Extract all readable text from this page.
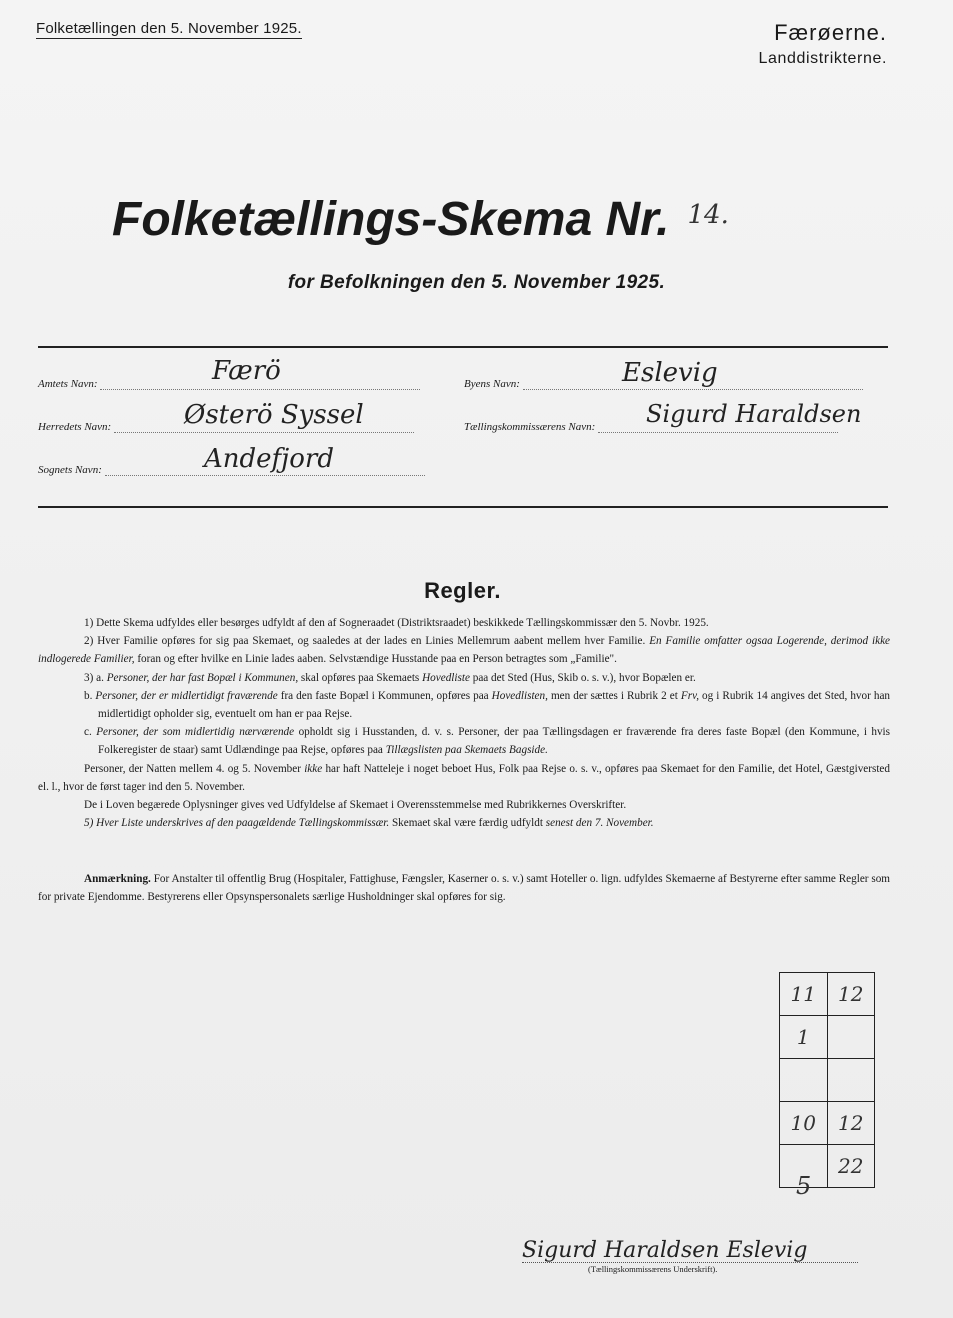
Folketællingen den 5. November 1925.	Færøerne.
Landdistrikterne.
Folketællings-Skema Nr. $^{14.}$
for Befolkningen den 5. November 1925.
Amtets Navn:	Færö
Herredets Navn:	Østerö Syssel
Sognets Navn:	Andefjord
Byens Navn:	Eslevig
Tællingskommissærens Navn:	Sigurd Haraldsen
Regler.

1) Dette Skema udfyldes eller besørges udfyldt af den af Sogneraadet (Distriktsraadet) beskikkede Tællingskommissær den 5. Novbr. 1925.

2) Hver Familie opføres for sig paa Skemaet, og saaledes at der lades en Linies Mellemrum aabent mellem hver Familie. En Familie omfatter ogsaa Logerende, derimod ikke indlogerede Familier, foran og efter hvilke en Linie lades aaben. Selvstændige Husstande paa en Person betragtes som „Familie".

3) a. Personer, der har fast Bopæl i Kommunen, skal opføres paa Skemaets Hovedliste paa det Sted (Hus, Skib o. s. v.), hvor Bopælen er.

b. Personer, der er midlertidigt fraværende fra den faste Bopæl i Kommunen, opføres paa Hovedlisten, men der sættes i Rubrik 2 et Frv, og i Rubrik 14 angives det Sted, hvor han midlertidigt opholder sig, eventuelt om han er paa Rejse.

c. Personer, der som midlertidig nærværende opholdt sig i Husstanden, d. v. s. Personer, der paa Tællingsdagen er fraværende fra deres faste Bopæl (den Kommune, i hvis Folkeregister de staar) samt Udlændinge paa Rejse, opføres paa Tillægslisten paa Skemaets Bagside.

Personer, der Natten mellem 4. og 5. November ikke har haft Natteleje i noget beboet Hus, Folk paa Rejse o. s. v., opføres paa Skemaet for den Familie, det Hotel, Gæstgiversted el. l., hvor de først tager ind den 5. November.

De i Loven begærede Oplysninger gives ved Udfyldelse af Skemaet i Overensstemmelse med Rubrikkernes Overskrifter.

5) Hver Liste underskrives af den paagældende Tællingskommissær. Skemaet skal være færdig udfyldt senest den 7. November.

Anmærkning. For Anstalter til offentlig Brug (Hospitaler, Fattighuse, Fængsler, Kaserner o. s. v.) samt Hoteller o. lign. udfyldes Skemaerne af Bestyrerne efter samme Regler som for private Ejendomme. Bestyrerens eller Opsynspersonalets særlige Husholdninger skal opføres for sig.
11	12
1	

10	12
	22
5
Sigurd Haraldsen Eslevig
(Tællingskommissærens Underskrift).
